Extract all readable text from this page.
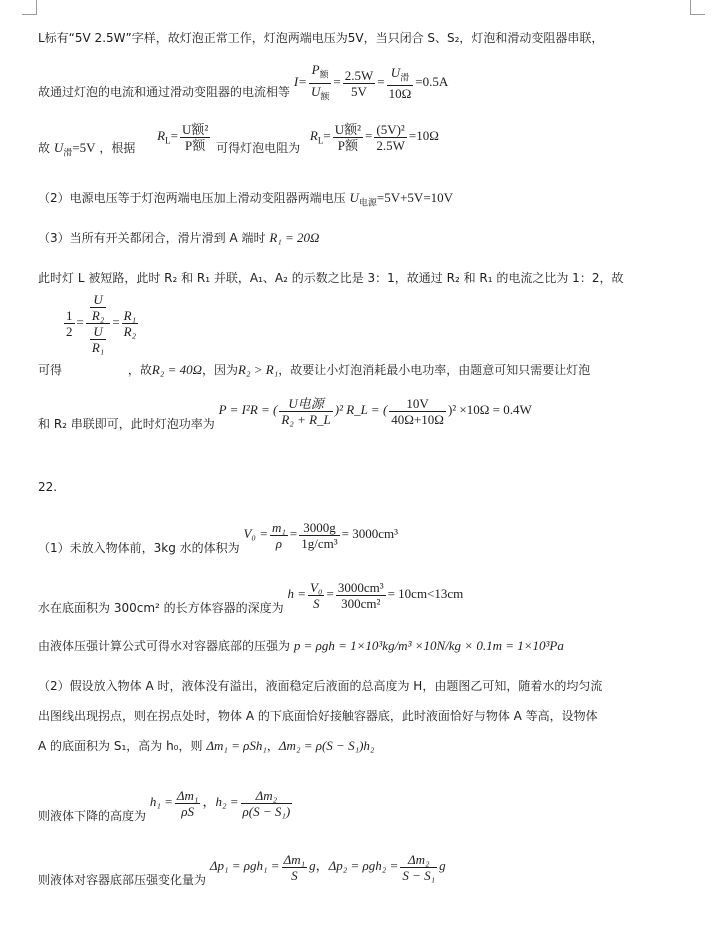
L标有“5V 2.5W”字样，故灯泡正常工作，灯泡两端电压为5V，当只闭合 S、S₂，灯泡和滑动变阻器串联，
故通过灯泡的电流和通过滑动变阻器的电流相等 $I= \frac{P_额}{U_额} = \frac{2.5W}{5V} = \frac{U_滑}{10\Omega} =0.5A$
故 $U_滑=5V$ ，根据 $R_L= \frac{\text{U额²}}{\text{P额}}$ 可得灯泡电阻为 $R_L= \frac{\text{U额²}}{\text{P额}} = \frac{\text{(5V)²}}{2.5W} =10\Omega$
（2）电源电压等于灯泡两端电压加上滑动变阻器两端电压 $U_{电源}=5V+5V=10V$
（3）当所有开关都闭合，滑片滑到 A 端时 R₁ = 20Ω
此时灯 L 被短路，此时 R₂ 和 R₁ 并联，A₁、A₂ 的示数之比是 3：1，故通过 R₂ 和 R₁ 的电流之比为 1：2，故
$\frac{1}{2} = \frac{\frac{U}{\text{R₂}}}{\frac{U}{\text{R₁}}} = \frac{\text{R₁}}{\text{R₂}}$
可得	，故R₂ = 40Ω，因为R₂ > R₁，故要让小灯泡消耗最小电功率，由题意可知只需要让灯泡
和 R₂ 串联即可，此时灯泡功率为 P = I²R = ( $\frac{\text{U电源}}{\text{R₂ + R\_L}} )^2$ R_L = ( $\frac{10V}{40\Omega+10\Omega} )^2 \times 10\Omega = 0.4W$
22.
（1）未放入物体前，3kg 水的体积为 $V_0 = \frac{\text{m₁}}{\rho} = \frac{3000g}{\text{1g/cm³}} = 3000cm^3$
水在底面积为 300cm² 的长方体容器的深度为 $h = \frac{\text{V₀}}{S} = \frac{\text{3000cm³}}{\text{300cm²}} = 10cm<13cm$
由液体压强计算公式可得水对容器底部的压强为 p = ρgh = 1×10³kg/m³ ×10N/kg × 0.1m = 1×10³Pa
（2）假设放入物体 A 时，液体没有溢出，液面稳定后液面的总高度为 H，由题图乙可知，随着水的均匀流
出图线出现拐点，则在拐点处时，物体 A 的下底面恰好接触容器底，此时液面恰好与物体 A 等高，设物体
A 的底面积为 S₁，高为 h₀，则 Δm₁ = ρSh₁，Δm₂ = ρ(S − S₁)h₂
则液体下降的高度为 $h_1 = \frac{\text{Δm₁}}{\rho S}$ ，$h_2 = \frac{\text{Δm₂}}{\text{ρ(S − S₁)}}$
则液体对容器底部压强变化量为 $\Delta p_1 = \rho gh_1 = \frac{\text{Δm₁}}{S}$ g，$\Delta p_2 = \rho gh_2 = \frac{\text{Δm₂}}{\text{S − S₁}}$ g
